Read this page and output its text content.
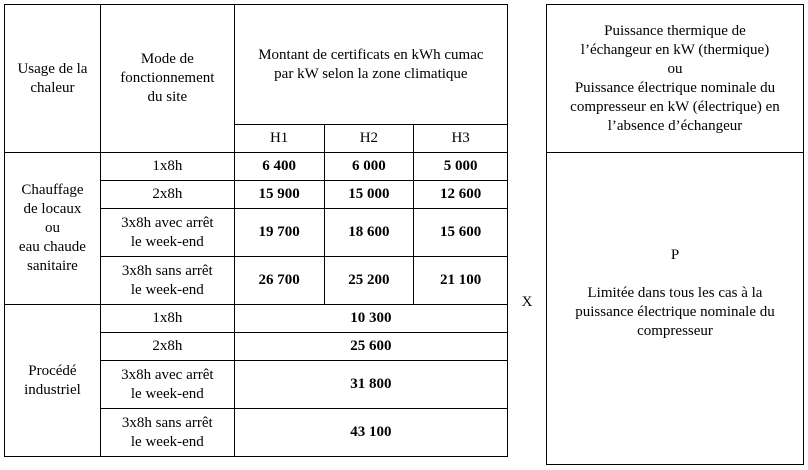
Usage de la
chaleur	Mode de
fonctionnement
du site	Montant de certificats en kWh cumac
par kW selon la zone climatique		

		H1	H2	H3

Chauffage
de locaux
ou
eau chaude
sanitaire	1x8h	6 400	6 000	5 000
	2x8h	15 900	15 000	12 600

	3x8h avec arrêt
le week-end	19 700	18 600	15 600

	3x8h sans arrêt
le week-end	26 700	25 200	21 100

Procédé
industriel	1x8h	10 300		
	2x8h	25 600		

	3x8h avec arrêt
le week-end	31 800		

	3x8h sans arrêt
le week-end	43 100		
X
Puissance thermique de
l’échangeur en kW (thermique)
ou
Puissance électrique nominale du
compresseur en kW (électrique) en
l’absence d’échangeur

P
Limitée dans tous les cas à la
puissance électrique nominale du
compresseur
